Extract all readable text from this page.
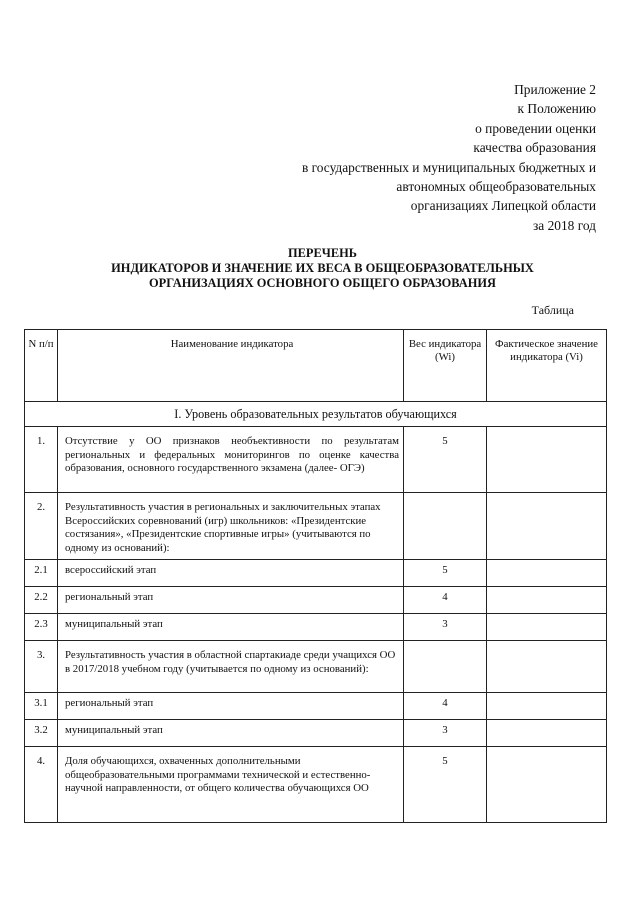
Приложение 2
к Положению
о проведении оценки
качества образования
в государственных и муниципальных бюджетных и
автономных общеобразовательных
организациях Липецкой области
за 2018 год
ПЕРЕЧЕНЬ
ИНДИКАТОРОВ И ЗНАЧЕНИЕ ИХ ВЕСА В ОБЩЕОБРАЗОВАТЕЛЬНЫХ
ОРГАНИЗАЦИЯХ ОСНОВНОГО ОБЩЕГО ОБРАЗОВАНИЯ
Таблица
N п/п	Наименование индикатора	Вес индикатора (Wi)	Фактическое значение индикатора (Vi)
I. Уровень образовательных результатов обучающихся			
1.	Отсутствие у ОО признаков необъективности по результатам региональных и федеральных мониторингов по оценке качества образования, основного государственного экзамена (далее- ОГЭ)	5	
2.	Результативность участия в региональных и заключительных этапах Всероссийских соревнований (игр) школьников: «Президентские состязания», «Президентские спортивные игры» (учитываются по одному из оснований):		
2.1	всероссийский этап	5	
2.2	региональный этап	4	
2.3	муниципальный этап	3	
3.	Результативность участия в областной спартакиаде среди учащихся ОО в 2017/2018 учебном году (учитывается по одному из оснований):		
3.1	региональный этап	4	
3.2	муниципальный этап	3	
4.	Доля обучающихся, охваченных дополнительными общеобразовательными программами технической и естественно-научной направленности, от общего количества обучающихся ОО	5	
